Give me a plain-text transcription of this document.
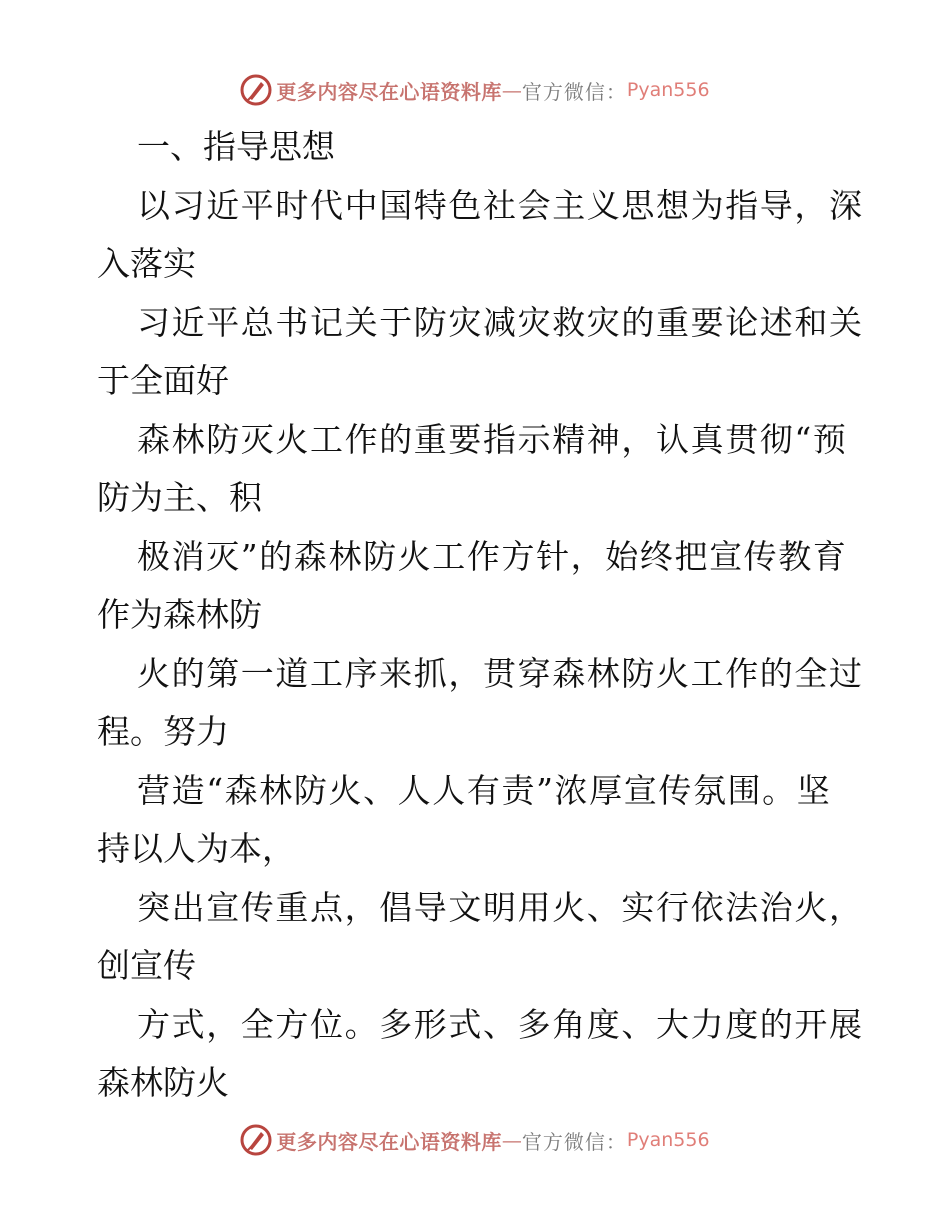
更多内容尽在心语资料库 — 官方微信： Pyan556
一、指导思想
以习近平时代中国特色社会主义思想为指导，深
入落实
习近平总书记关于防灾减灾救灾的重要论述和关
于全面好
森林防灭火工作的重要指示精神，认真贯彻“预
防为主、积
极消灭”的森林防火工作方针，始终把宣传教育
作为森林防
火的第一道工序来抓，贯穿森林防火工作的全过
程。努力
营造“森林防火、人人有责”浓厚宣传氛围。坚
持以人为本，
突出宣传重点，倡导文明用火、实行依法治火，
创宣传
方式，全方位。多形式、多角度、大力度的开展
森林防火
更多内容尽在心语资料库 — 官方微信： Pyan556
